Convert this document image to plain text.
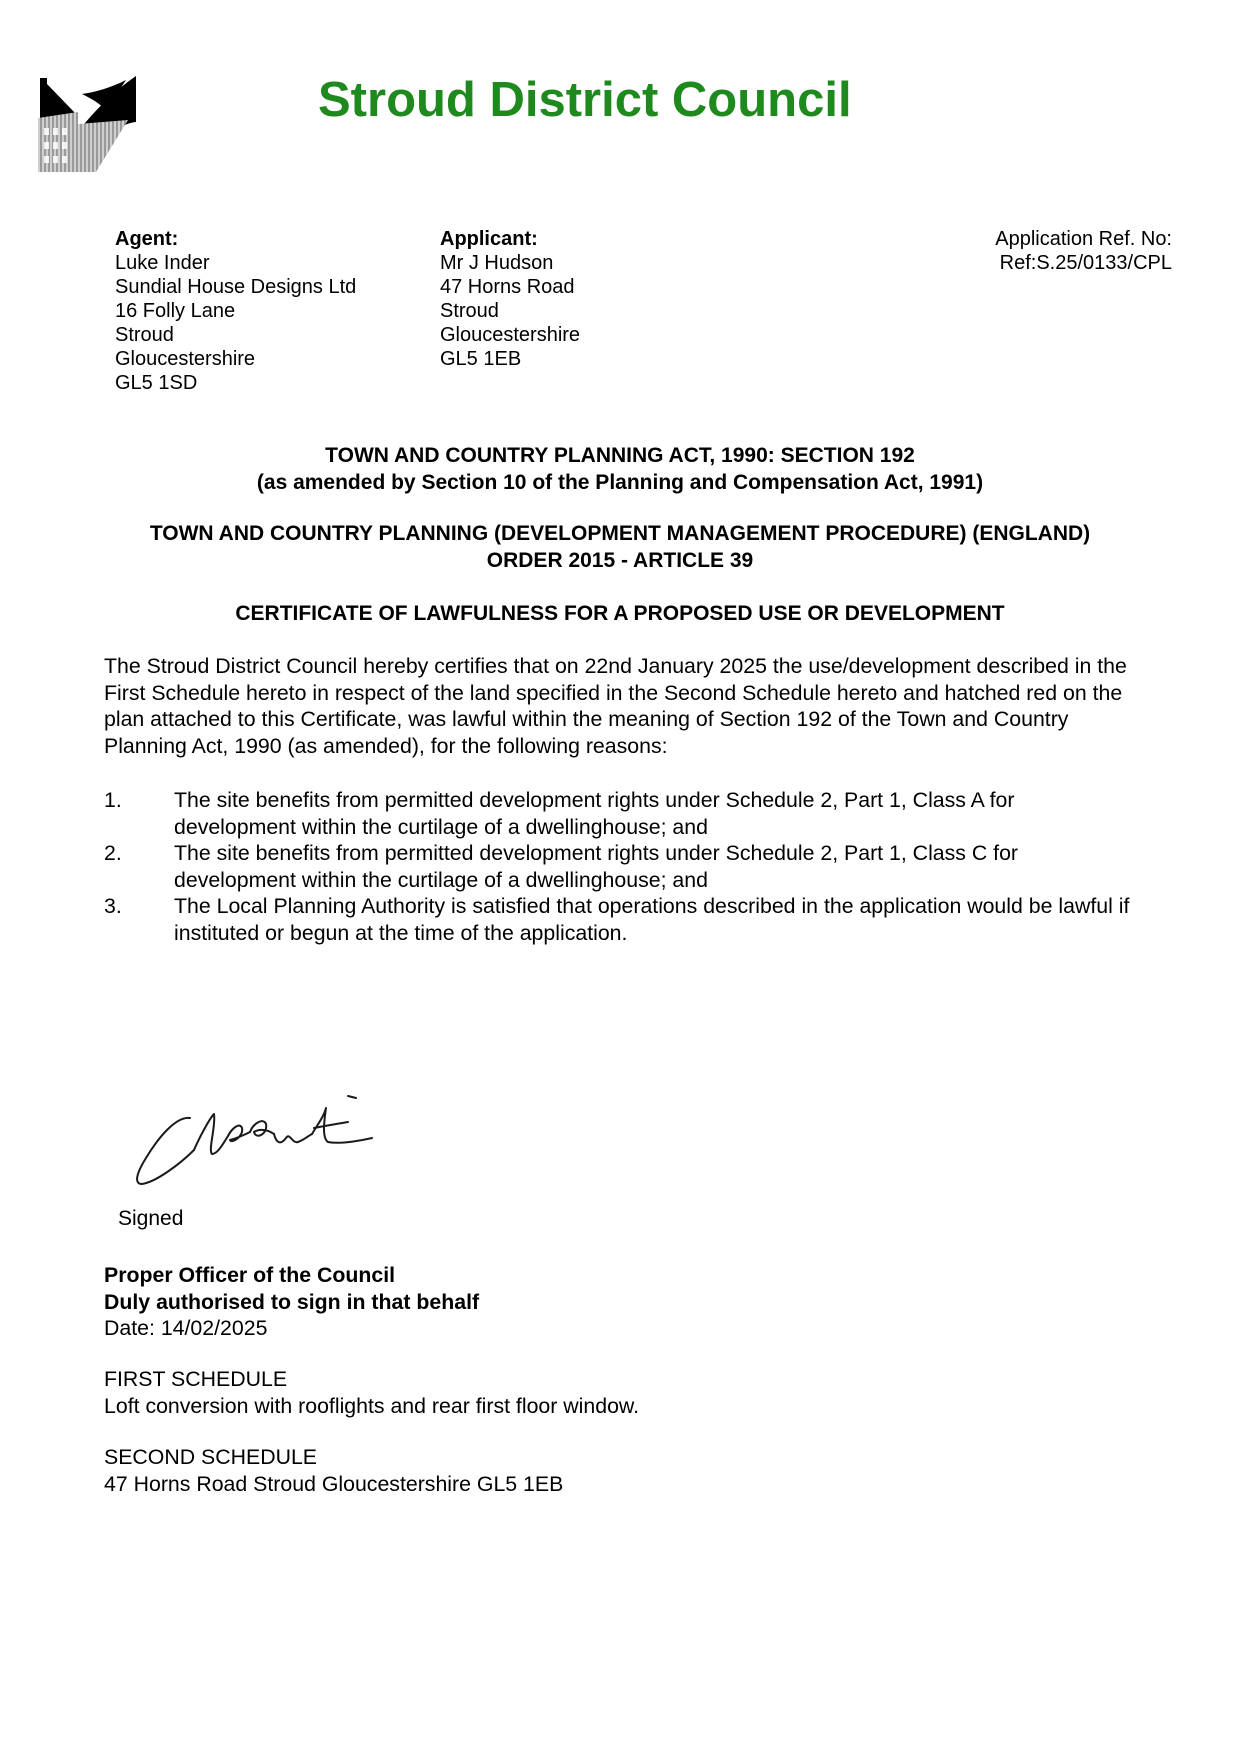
Stroud District Council
Agent:
Luke Inder
Sundial House Designs Ltd
16 Folly Lane
Stroud
Gloucestershire
GL5 1SD
Applicant:
Mr J Hudson
47 Horns Road
Stroud
Gloucestershire
GL5 1EB
Application Ref. No:
Ref:S.25/0133/CPL
TOWN AND COUNTRY PLANNING ACT, 1990: SECTION 192
(as amended by Section 10 of the Planning and Compensation Act, 1991)
TOWN AND COUNTRY PLANNING (DEVELOPMENT MANAGEMENT PROCEDURE) (ENGLAND)
ORDER 2015 - ARTICLE 39
CERTIFICATE OF LAWFULNESS FOR A PROPOSED USE OR DEVELOPMENT

The Stroud District Council hereby certifies that on 22nd January 2025 the use/development described in the
First Schedule hereto in respect of the land specified in the Second Schedule hereto and hatched red on the
plan attached to this Certificate, was lawful within the meaning of Section 192 of the Town and Country
Planning Act, 1990 (as amended), for the following reasons:

1. The site benefits from permitted development rights under Schedule 2, Part 1, Class A for
development within the curtilage of a dwellinghouse; and
2. The site benefits from permitted development rights under Schedule 2, Part 1, Class C for
development within the curtilage of a dwellinghouse; and
3. The Local Planning Authority is satisfied that operations described in the application would be lawful if
instituted or begun at the time of the application.
Signed
Proper Officer of the Council
Duly authorised to sign in that behalf
Date: 14/02/2025
FIRST SCHEDULE
Loft conversion with rooflights and rear first floor window.
SECOND SCHEDULE
47 Horns Road Stroud Gloucestershire GL5 1EB
